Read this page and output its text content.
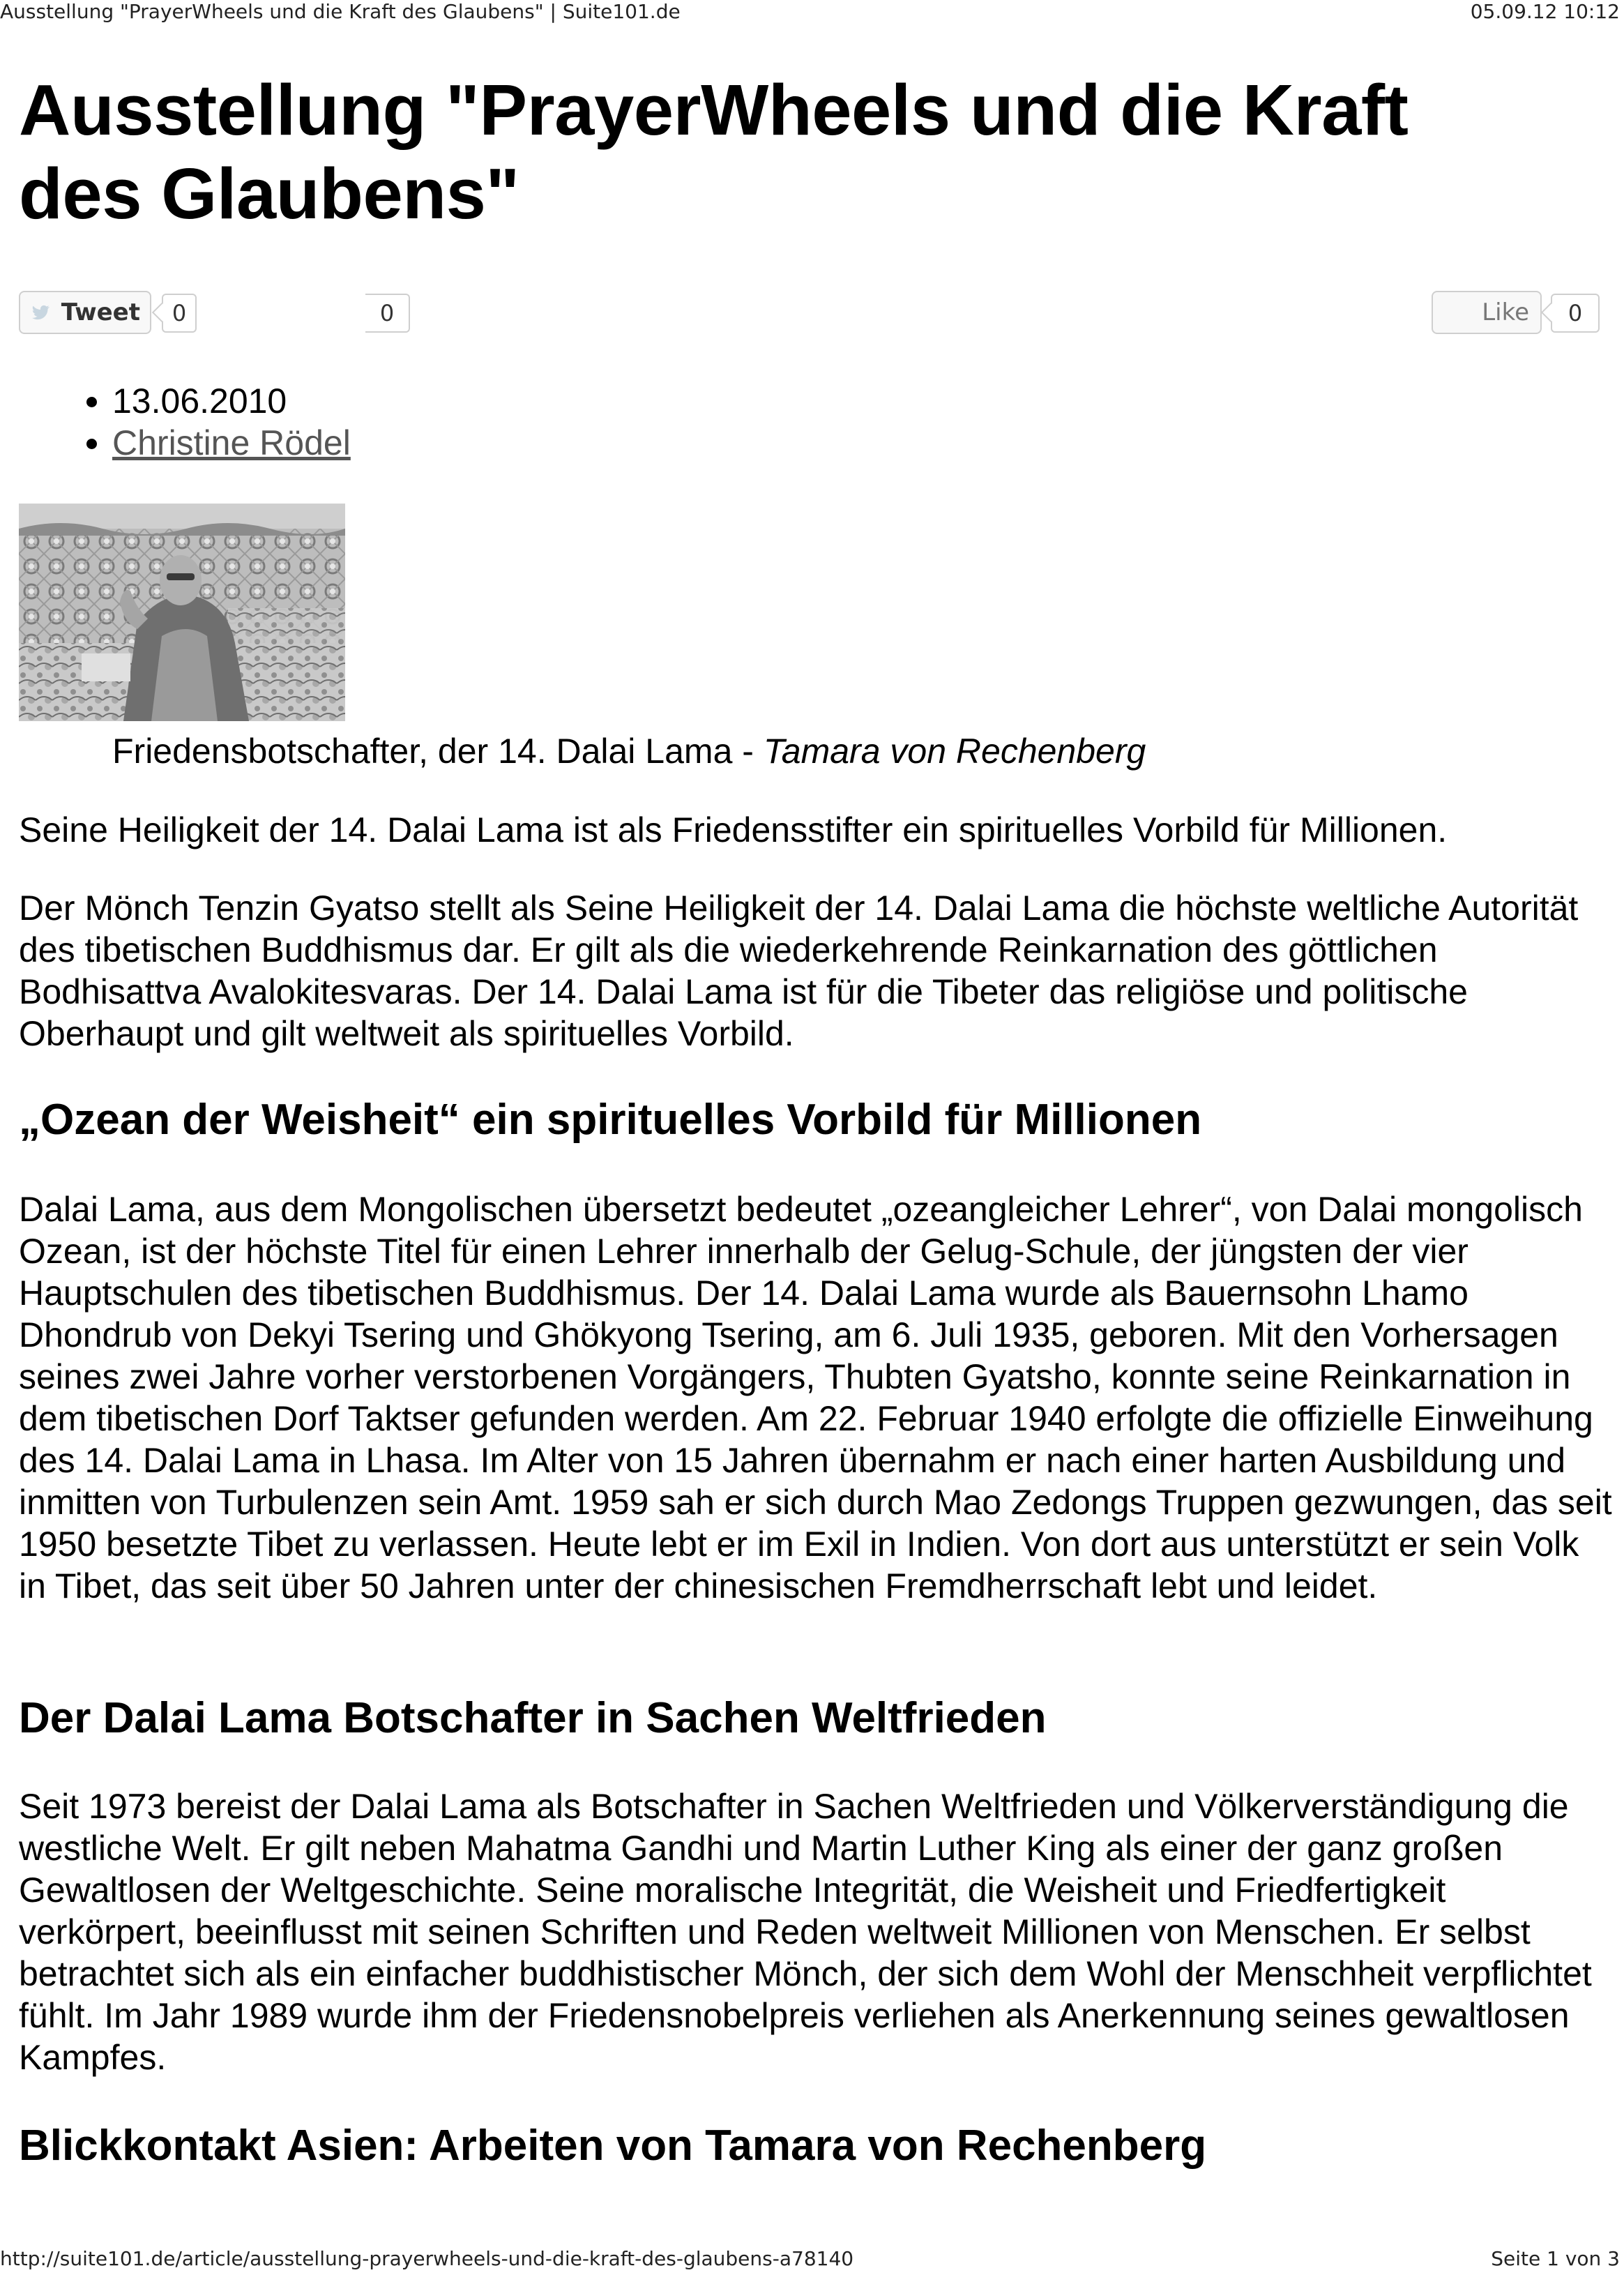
Ausstellung "PrayerWheels und die Kraft des Glaubens" | Suite101.de	05.09.12 10:12
Ausstellung "PrayerWheels und die Kraft des Glaubens"
Tweet	0	0	Like	0
• 13.06.2010
• Christine Rödel
Friedensbotschafter, der 14. Dalai Lama - Tamara von Rechenberg

Seine Heiligkeit der 14. Dalai Lama ist als Friedensstifter ein spirituelles Vorbild für Millionen.

Der Mönch Tenzin Gyatso stellt als Seine Heiligkeit der 14. Dalai Lama die höchste weltliche Autorität des tibetischen Buddhismus dar. Er gilt als die wiederkehrende Reinkarnation des göttlichen Bodhisattva Avalokitesvaras. Der 14. Dalai Lama ist für die Tibeter das religiöse und politische Oberhaupt und gilt weltweit als spirituelles Vorbild.

„Ozean der Weisheit“ ein spirituelles Vorbild für Millionen

Dalai Lama, aus dem Mongolischen übersetzt bedeutet „ozeangleicher Lehrer“, von Dalai mongolisch Ozean, ist der höchste Titel für einen Lehrer innerhalb der Gelug-Schule, der jüngsten der vier Hauptschulen des tibetischen Buddhismus. Der 14. Dalai Lama wurde als Bauernsohn Lhamo Dhondrub von Dekyi Tsering und Ghökyong Tsering, am 6. Juli 1935, geboren. Mit den Vorhersagen seines zwei Jahre vorher verstorbenen Vorgängers, Thubten Gyatsho, konnte seine Reinkarnation in dem tibetischen Dorf Taktser gefunden werden. Am 22. Februar 1940 erfolgte die offizielle Einweihung des 14. Dalai Lama in Lhasa. Im Alter von 15 Jahren übernahm er nach einer harten Ausbildung und inmitten von Turbulenzen sein Amt. 1959 sah er sich durch Mao Zedongs Truppen gezwungen, das seit 1950 besetzte Tibet zu verlassen. Heute lebt er im Exil in Indien. Von dort aus unterstützt er sein Volk in Tibet, das seit über 50 Jahren unter der chinesischen Fremdherrschaft lebt und leidet.

Der Dalai Lama Botschafter in Sachen Weltfrieden

Seit 1973 bereist der Dalai Lama als Botschafter in Sachen Weltfrieden und Völkerverständigung die westliche Welt. Er gilt neben Mahatma Gandhi und Martin Luther King als einer der ganz großen Gewaltlosen der Weltgeschichte. Seine moralische Integrität, die Weisheit und Friedfertigkeit verkörpert, beeinflusst mit seinen Schriften und Reden weltweit Millionen von Menschen. Er selbst betrachtet sich als ein einfacher buddhistischer Mönch, der sich dem Wohl der Menschheit verpflichtet fühlt. Im Jahr 1989 wurde ihm der Friedensnobelpreis verliehen als Anerkennung seines gewaltlosen Kampfes.

Blickkontakt Asien: Arbeiten von Tamara von Rechenberg
http://suite101.de/article/ausstellung-prayerwheels-und-die-kraft-des-glaubens-a78140	Seite 1 von 3
